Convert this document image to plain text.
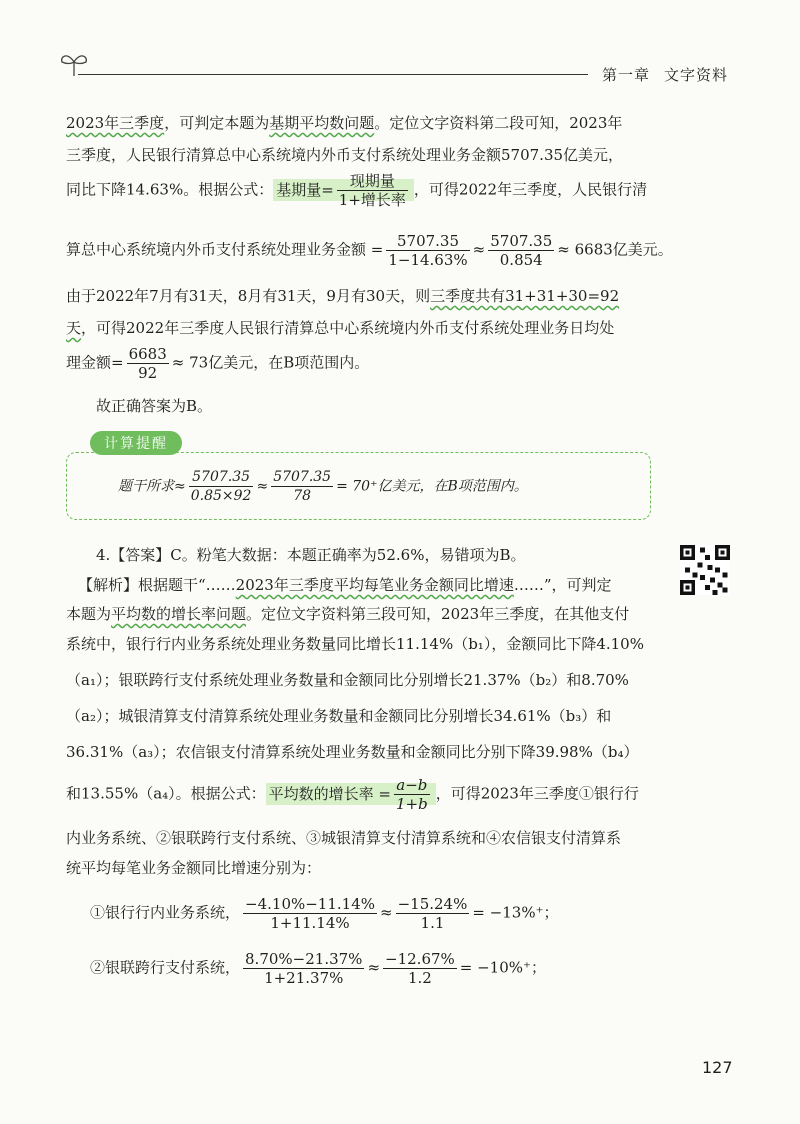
第一章 文字资料
2023年三季度，可判定本题为基期平均数问题。定位文字资料第二段可知，2023年
三季度，人民银行清算总中心系统境内外币支付系统处理业务金额5707.35亿美元，
同比下降14.63%。根据公式： 基期量= $\frac{\text{现期量}}{\text{1+增长率}}$ ，可得2022年三季度，人民银行清
算总中心系统境内外币支付系统处理业务金额 = $\frac{5707.35}{1-14.63\%} \approx \frac{5707.35}{0.854} \approx 6683$亿美元。
由于2022年7月有31天，8月有31天，9月有30天，则三季度共有31+31+30=92
天，可得2022年三季度人民银行清算总中心系统境内外币支付系统处理业务日均处
理金额= $\frac{6683}{92} \approx 73$亿美元，在B项范围内。
故正确答案为B。
计算提醒
题干所求≈ $\frac{5707.35}{0.85\times 92} \approx \frac{5707.35}{78} = 70^+$亿美元，在B项范围内。
4.【答案】C。粉笔大数据：本题正确率为52.6%，易错项为B。
【解析】根据题干“……2023年三季度平均每笔业务金额同比增速……”，可判定
本题为平均数的增长率问题。定位文字资料第三段可知，2023年三季度，在其他支付
系统中，银行行内业务系统处理业务数量同比增长11.14%（b₁），金额同比下降4.10%
（a₁）；银联跨行支付系统处理业务数量和金额同比分别增长21.37%（b₂）和8.70%
（a₂）；城银清算支付清算系统处理业务数量和金额同比分别增长34.61%（b₃）和
36.31%（a₃）；农信银支付清算系统处理业务数量和金额同比分别下降39.98%（b₄）
和13.55%（a₄）。根据公式： 平均数的增长率 = $\frac{a-b}{1+b}$ ，可得2023年三季度①银行行
内业务系统、②银联跨行支付系统、③城银清算支付清算系统和④农信银支付清算系
统平均每笔业务金额同比增速分别为：
①银行行内业务系统， $\frac{-4.10\%-11.14\%}{1+11.14\%} \approx \frac{-15.24\%}{1.1} = -13\%^+$；
②银联跨行支付系统， $\frac{8.70\%-21.37\%}{1+21.37\%} \approx \frac{-12.67\%}{1.2} = -10\%^+$；
127
